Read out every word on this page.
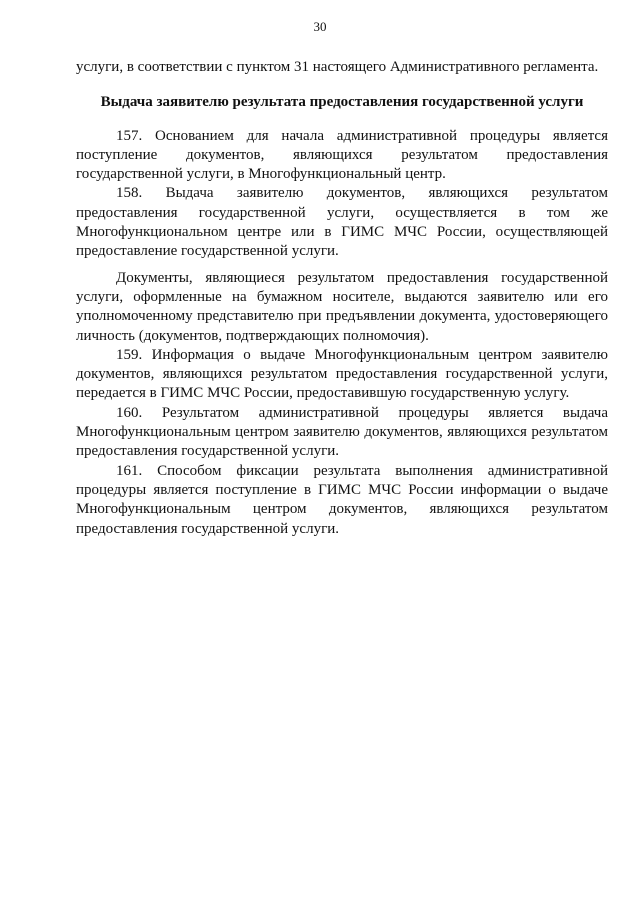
30

услуги, в соответствии с пунктом 31 настоящего Административного регламента.

Выдача заявителю результата предоставления государственной услуги

157. Основанием для начала административной процедуры является поступление документов, являющихся результатом предоставления государственной услуги, в Многофункциональный центр.

158. Выдача заявителю документов, являющихся результатом предоставления государственной услуги, осуществляется в том же Многофункциональном центре или в ГИМС МЧС России, осуществляющей предоставление государственной услуги.

Документы, являющиеся результатом предоставления государственной услуги, оформленные на бумажном носителе, выдаются заявителю или его уполномоченному представителю при предъявлении документа, удостоверяющего личность (документов, подтверждающих полномочия).

159. Информация о выдаче Многофункциональным центром заявителю документов, являющихся результатом предоставления государственной услуги, передается в ГИМС МЧС России, предоставившую государственную услугу.

160. Результатом административной процедуры является выдача Многофункциональным центром заявителю документов, являющихся результатом предоставления государственной услуги.

161. Способом фиксации результата выполнения административной процедуры является поступление в ГИМС МЧС России информации о выдаче Многофункциональным центром документов, являющихся результатом предоставления государственной услуги.
